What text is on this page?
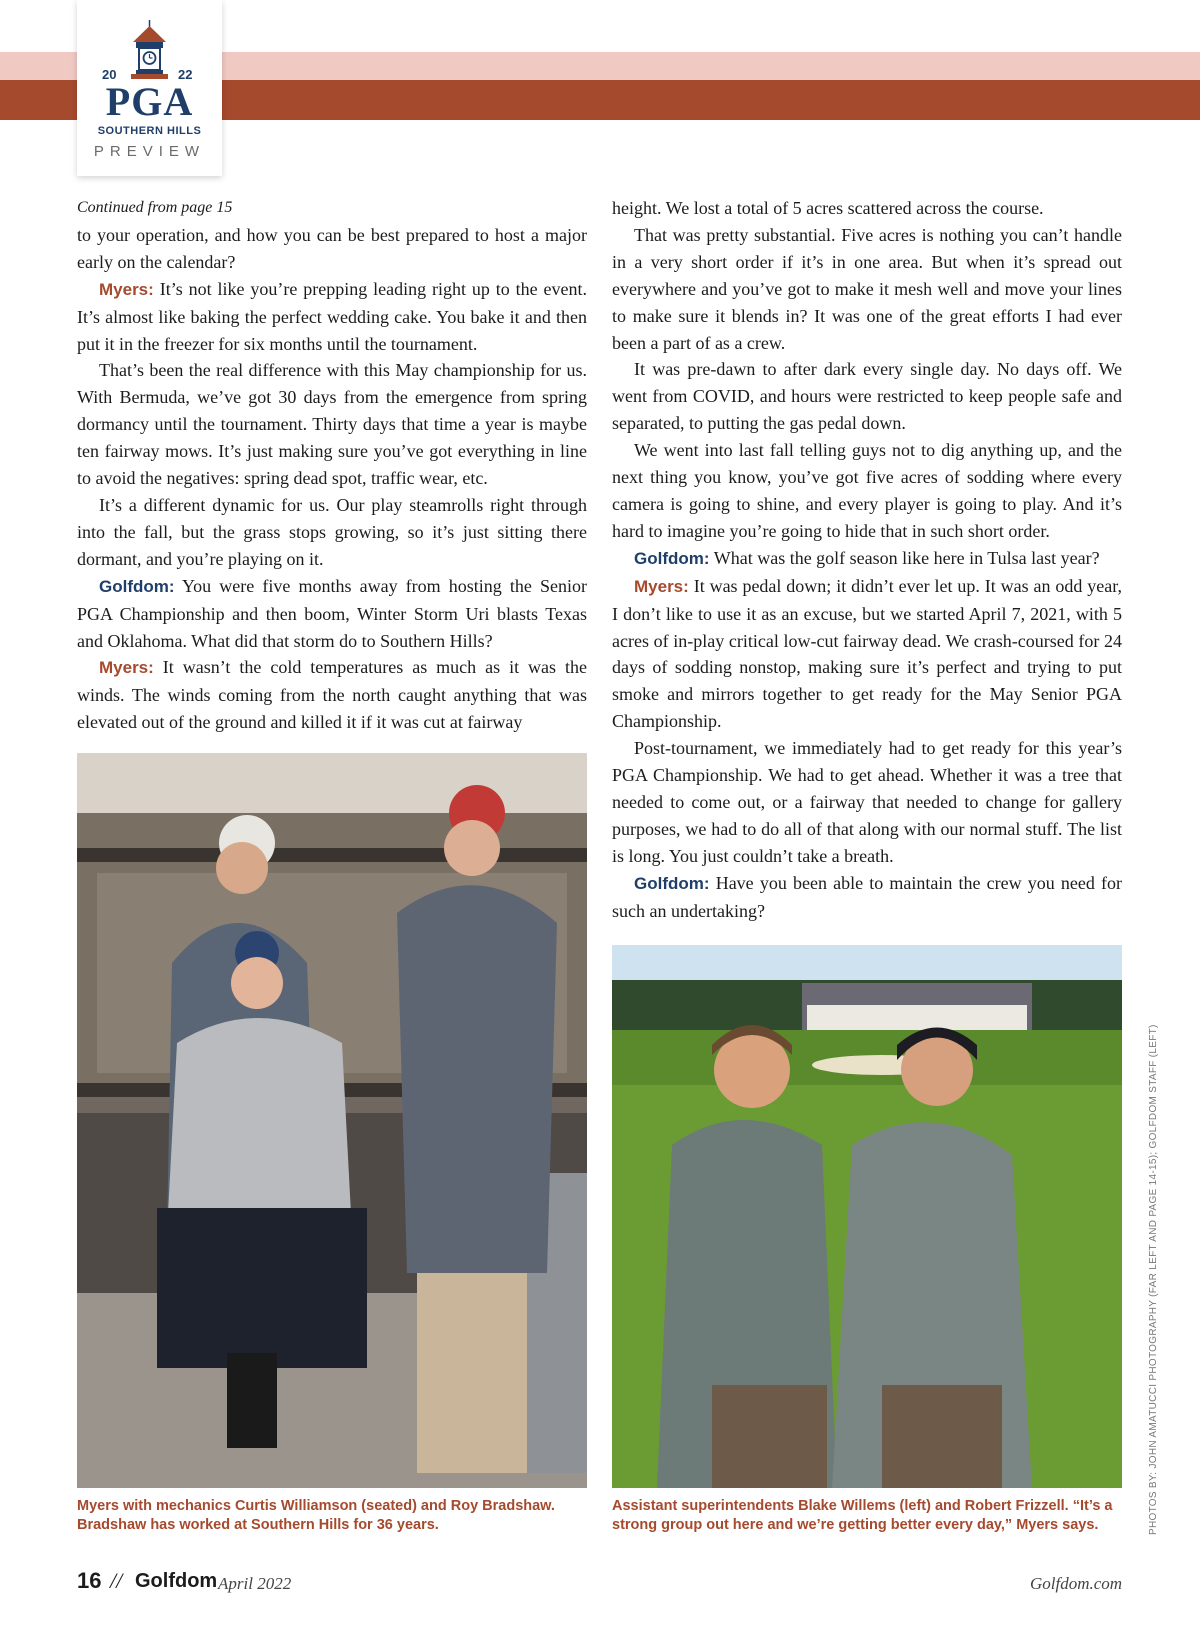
20	22
PGA
SOUTHERN HILLS
PREVIEW
Continued from page 15

to your operation, and how you can be best prepared to host a major early on the calendar?

Myers: It’s not like you’re prepping leading right up to the event. It’s almost like baking the perfect wedding cake. You bake it and then put it in the freezer for six months until the tournament.

That’s been the real difference with this May championship for us. With Bermuda, we’ve got 30 days from the emergence from spring dormancy until the tournament. Thirty days that time a year is maybe ten fairway mows. It’s just making sure you’ve got everything in line to avoid the negatives: spring dead spot, traffic wear, etc.

It’s a different dynamic for us. Our play steamrolls right through into the fall, but the grass stops growing, so it’s just sitting there dormant, and you’re playing on it.

Golfdom: You were five months away from hosting the Senior PGA Championship and then boom, Winter Storm Uri blasts Texas and Oklahoma. What did that storm do to Southern Hills?

Myers: It wasn’t the cold temperatures as much as it was the winds. The winds coming from the north caught anything that was elevated out of the ground and killed it if it was cut at fairway

height. We lost a total of 5 acres scattered across the course.

That was pretty substantial. Five acres is nothing you can’t handle in a very short order if it’s in one area. But when it’s spread out everywhere and you’ve got to make it mesh well and move your lines to make sure it blends in? It was one of the great efforts I had ever been a part of as a crew.

It was pre-dawn to after dark every single day. No days off. We went from COVID, and hours were restricted to keep people safe and separated, to putting the gas pedal down.

We went into last fall telling guys not to dig anything up, and the next thing you know, you’ve got five acres of sodding where every camera is going to shine, and every player is going to play. And it’s hard to imagine you’re going to hide that in such short order.

Golfdom: What was the golf season like here in Tulsa last year?

Myers: It was pedal down; it didn’t ever let up. It was an odd year, I don’t like to use it as an excuse, but we started April 7, 2021, with 5 acres of in-play critical low-cut fairway dead. We crash-coursed for 24 days of sodding nonstop, making sure it’s perfect and trying to put smoke and mirrors together to get ready for the May Senior PGA Championship.

Post-tournament, we immediately had to get ready for this year’s PGA Championship. We had to get ahead. Whether it was a tree that needed to come out, or a fairway that needed to change for gallery purposes, we had to do all of that along with our normal stuff. The list is long. You just couldn’t take a breath.

Golfdom: Have you been able to maintain the crew you need for such an undertaking?

Myers with mechanics Curtis Williamson (seated) and Roy Bradshaw. Bradshaw has worked at Southern Hills for 36 years.
Assistant superintendents Blake Willems (left) and Robert Frizzell. “It’s a strong group out here and we’re getting better every day,” Myers says.	PHOTOS BY: JOHN AMATUCCI PHOTOGRAPHY (FAR LEFT AND PAGE 14-15); GOLFDOM STAFF (LEFT)
16 // Golfdom April 2022	Golfdom.com
